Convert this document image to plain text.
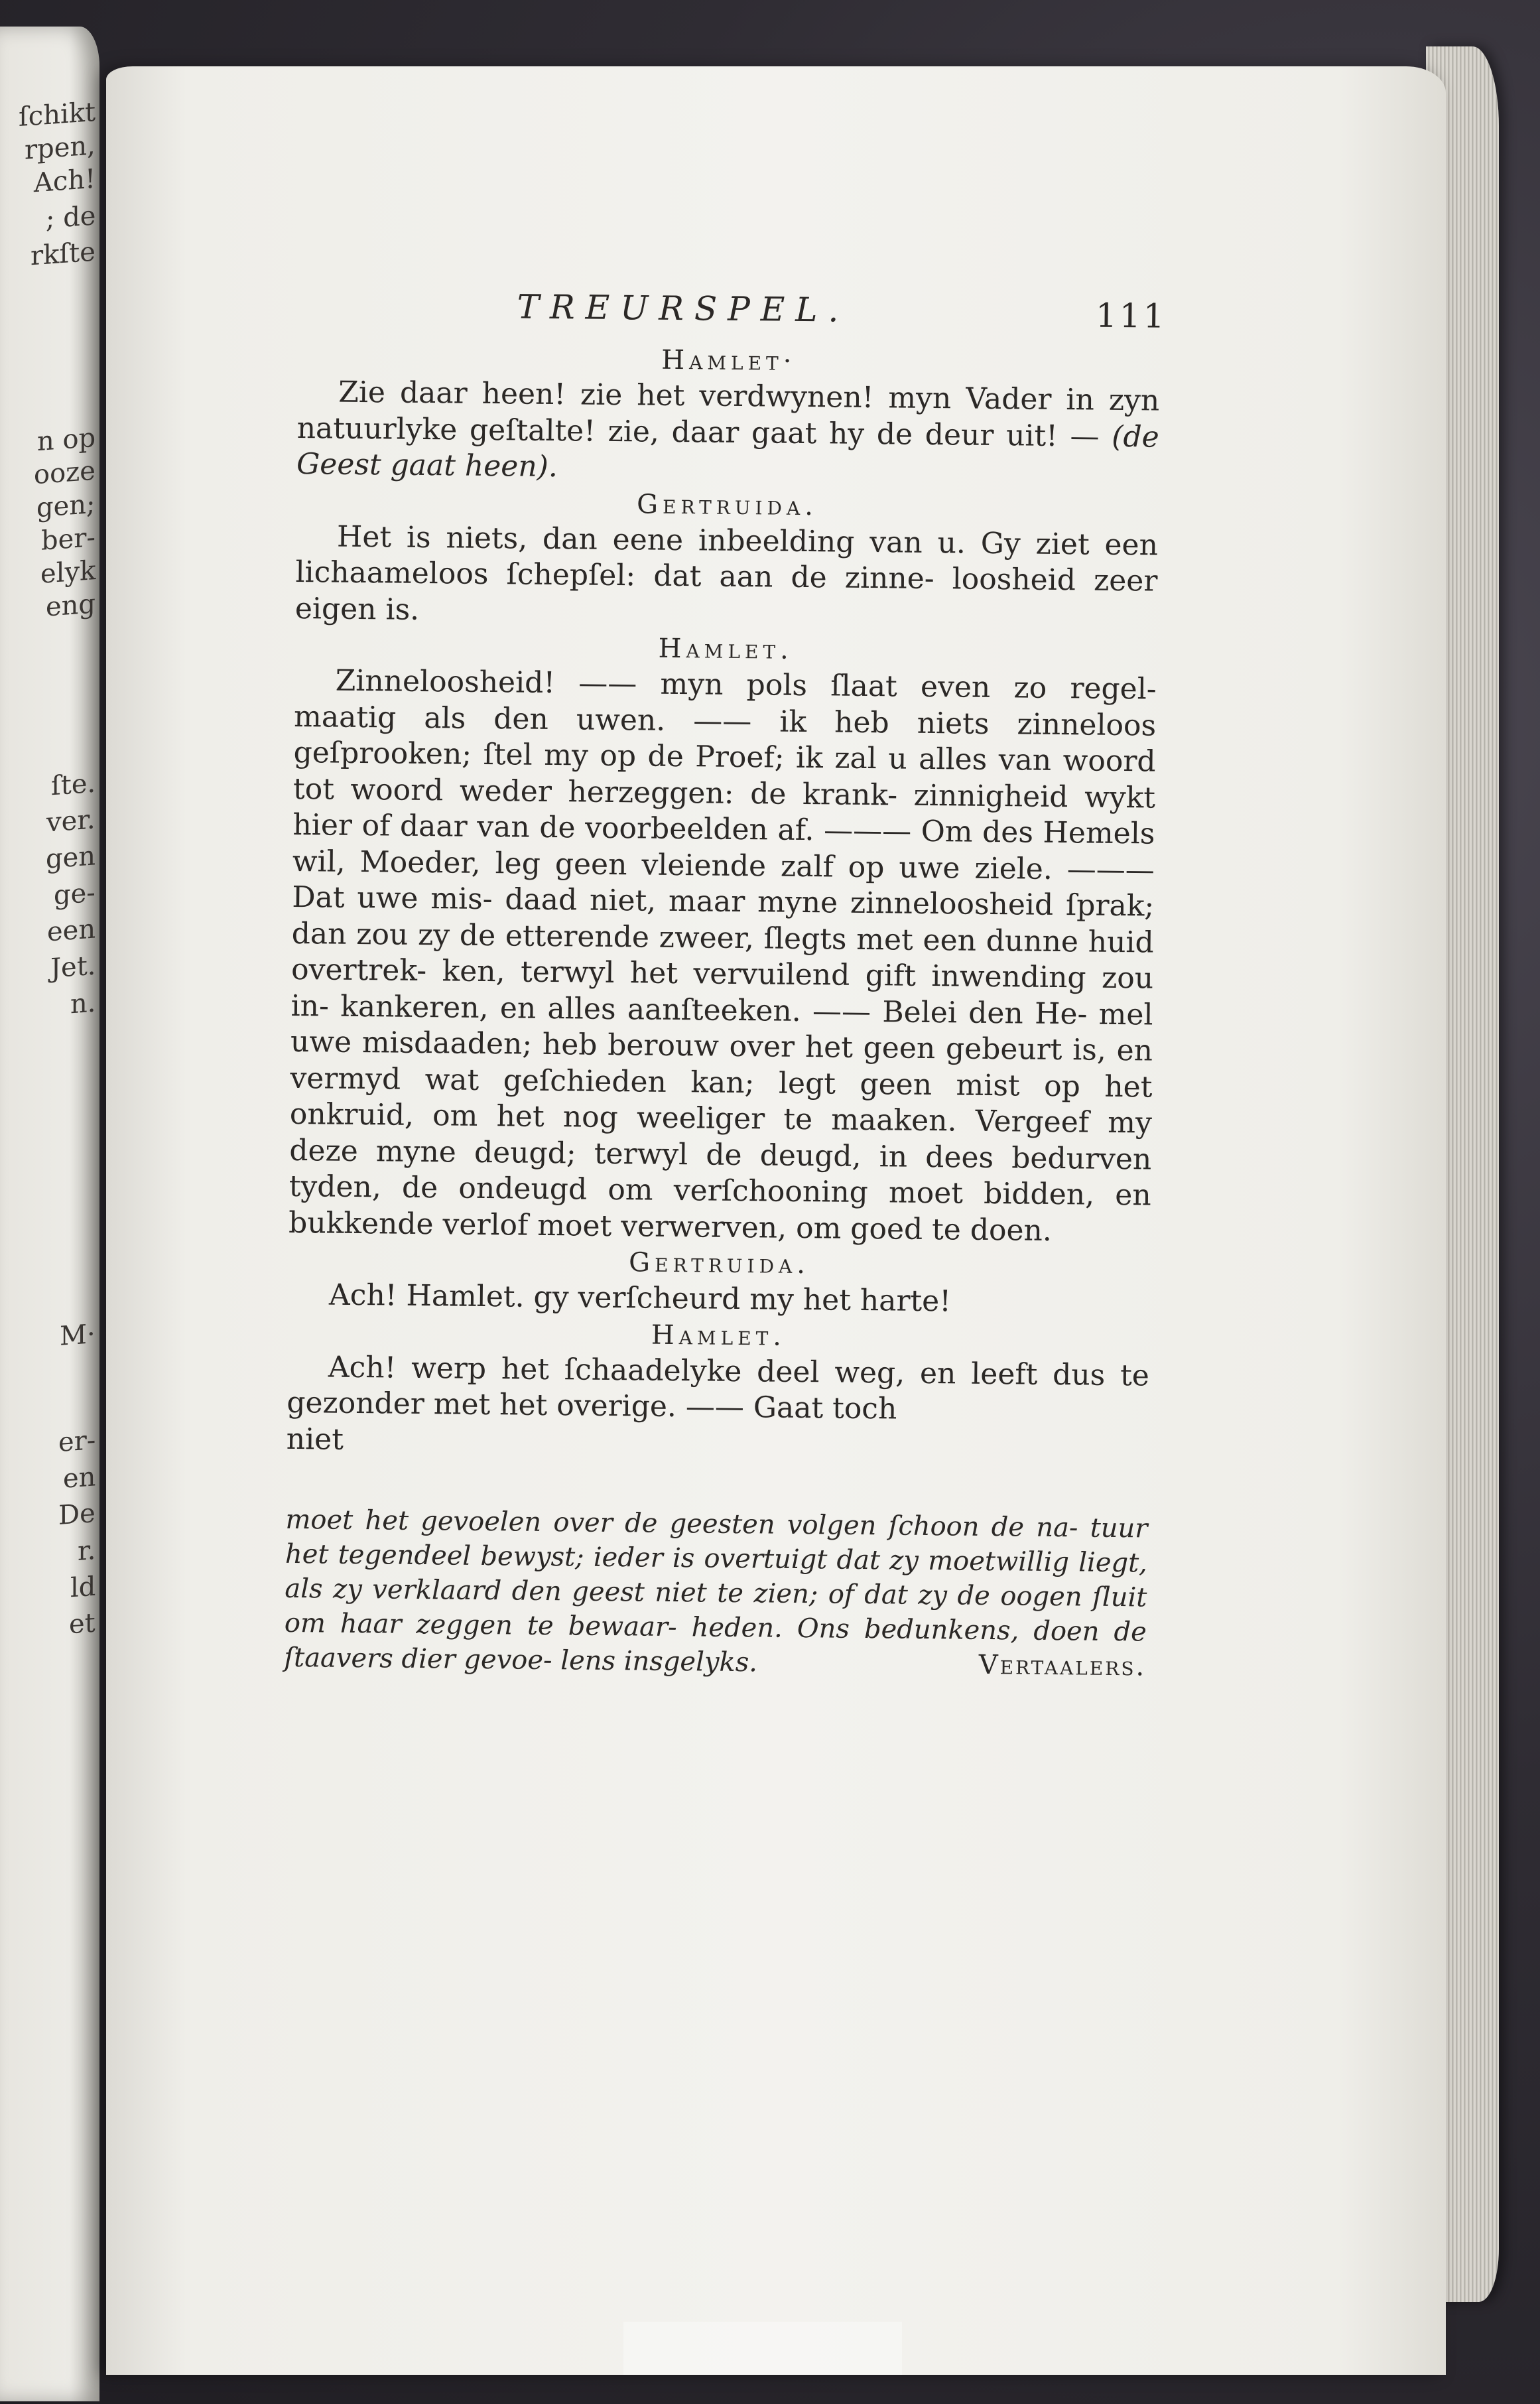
ſchikt
rpen,
Ach!
; de
rkſte
n op
ooze
gen;
ber-
elyk
eng
ſte.
ver.
gen
ge-
een
Jet.
n.
M·
er-
en
De
r.
ld
et
TREURSPEL.	111
Hamlet·

Zie daar heen! zie het verdwynen! myn Vader in zyn natuurlyke geſtalte! zie, daar gaat hy de deur uit! — (de Geest gaat heen).

Gertruida.

Het is niets, dan eene inbeelding van u. Gy ziet een lichaameloos ſchepſel: dat aan de zinne- loosheid zeer eigen is.

Hamlet.

Zinneloosheid! —— myn pols ſlaat even zo regel- maatig als den uwen. —— ik heb niets zinneloos geſprooken; ſtel my op de Proef; ik zal u alles van woord tot woord weder herzeggen: de krank- zinnigheid wykt hier of daar van de voorbeelden af. ——— Om des Hemels wil, Moeder, leg geen vleiende zalf op uwe ziele. ——— Dat uwe mis- daad niet, maar myne zinneloosheid ſprak; dan zou zy de etterende zweer, ſlegts met een dunne huid overtrek- ken, terwyl het vervuilend gift inwending zou in- kankeren, en alles aanſteeken. —— Belei den He- mel uwe misdaaden; heb berouw over het geen gebeurt is, en vermyd wat geſchieden kan; legt geen mist op het onkruid, om het nog weeliger te maaken. Vergeef my deze myne deugd; terwyl de deugd, in dees bedurven tyden, de ondeugd om verſchooning moet bidden, en bukkende verlof moet verwerven, om goed te doen.

Gertruida.

Ach! Hamlet. gy verſcheurd my het harte!

Hamlet.

Ach! werp het ſchaadelyke deel weg, en leeft dus te gezonder met het overige. —— Gaat toch
niet

moet het gevoelen over de geesten volgen ſchoon de na- tuur het tegendeel bewyst; ieder is overtuigt dat zy moetwillig liegt, als zy verklaard den geest niet te zien; of dat zy de oogen ſluit om haar zeggen te bewaar- heden. Ons bedunkens, doen de ſtaavers dier gevoe- lens insgelyks.	Vertaalers.
